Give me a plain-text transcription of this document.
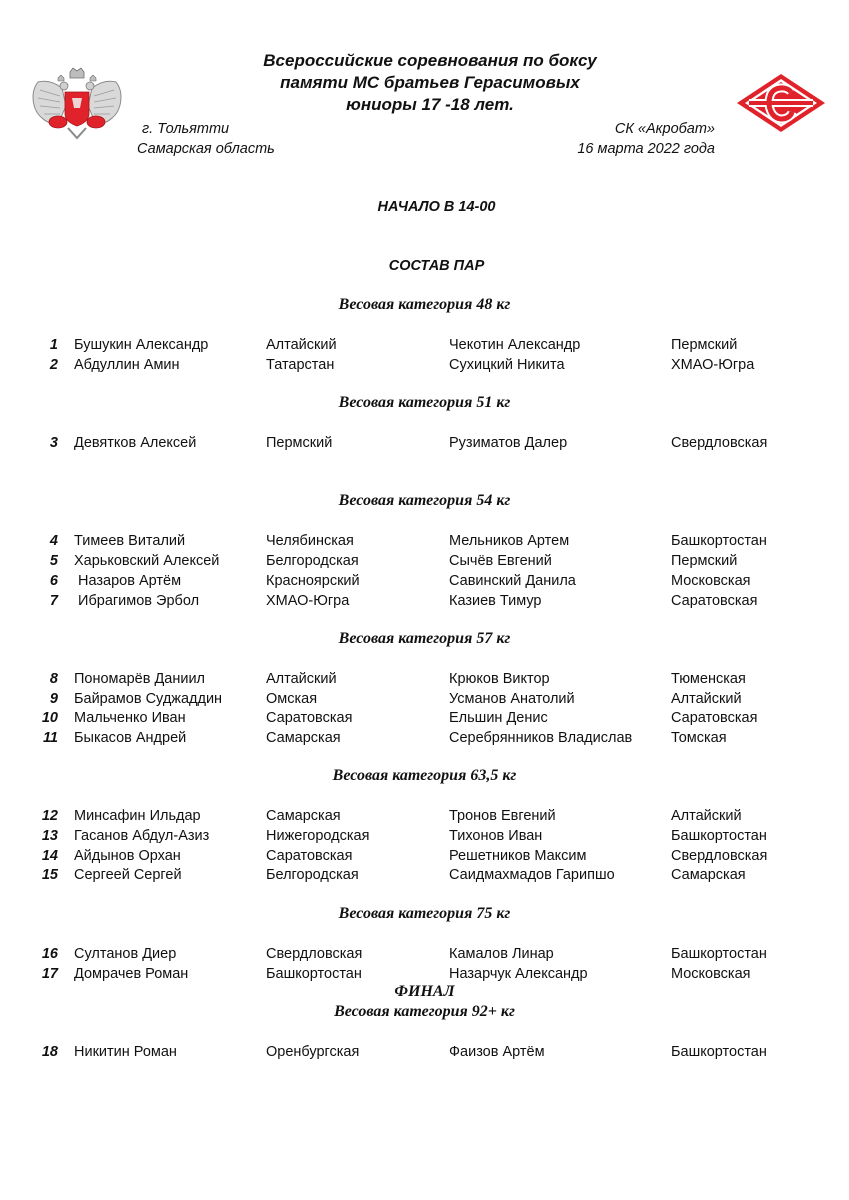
Всероссийские соревнования по боксу
памяти МС братьев Герасимовых
юниоры 17 -18 лет.
г. Тольятти
Самарская область
СК «Акробат»
16 марта 2022 года
НАЧАЛО В 14-00
СОСТАВ ПАР
Весовая категория 48 кг
1 Бушукин Александр	Алтайский	Чекотин Александр	Пермский
2 Абдуллин Амин	Татарстан	Сухицкий Никита	ХМАО-Югра
Весовая категория 51 кг
3 Девятков Алексей	Пермский	Рузиматов Далер	Свердловская
Весовая категория 54 кг
4 Тимеев Виталий	Челябинская	Мельников Артем	Башкортостан
5 Харьковский Алексей	Белгородская	Сычёв Евгений	Пермский
6 Назаров Артём	Красноярский	Савинский Данила	Московская
7 Ибрагимов Эрбол	ХМАО-Югра	Казиев Тимур	Саратовская
Весовая категория 57 кг
8 Пономарёв Даниил	Алтайский	Крюков Виктор	Тюменская
9 Байрамов Суджаддин	Омская	Усманов Анатолий	Алтайский
10 Мальченко Иван	Саратовская	Ельшин Денис	Саратовская
11 Быкасов Андрей	Самарская	Серебрянников Владислав	Томская
Весовая категория 63,5 кг
12 Минсафин Ильдар	Самарская	Тронов Евгений	Алтайский
13 Гасанов Абдул-Азиз	Нижегородская	Тихонов Иван	Башкортостан
14 Айдынов Орхан	Саратовская	Решетников Максим	Свердловская
15 Сергеей Сергей	Белгородская	Саидмахмадов Гарипшо	Самарская
Весовая категория 75 кг
16 Султанов Диер	Свердловская	Камалов Линар	Башкортостан
17 Домрачев Роман	Башкортостан	Назарчук Александр	Московская
Весовая категория 92+ кг
18 Никитин Роман	Оренбургская	Фаизов Артём	Башкортостан
ФИНАЛ
